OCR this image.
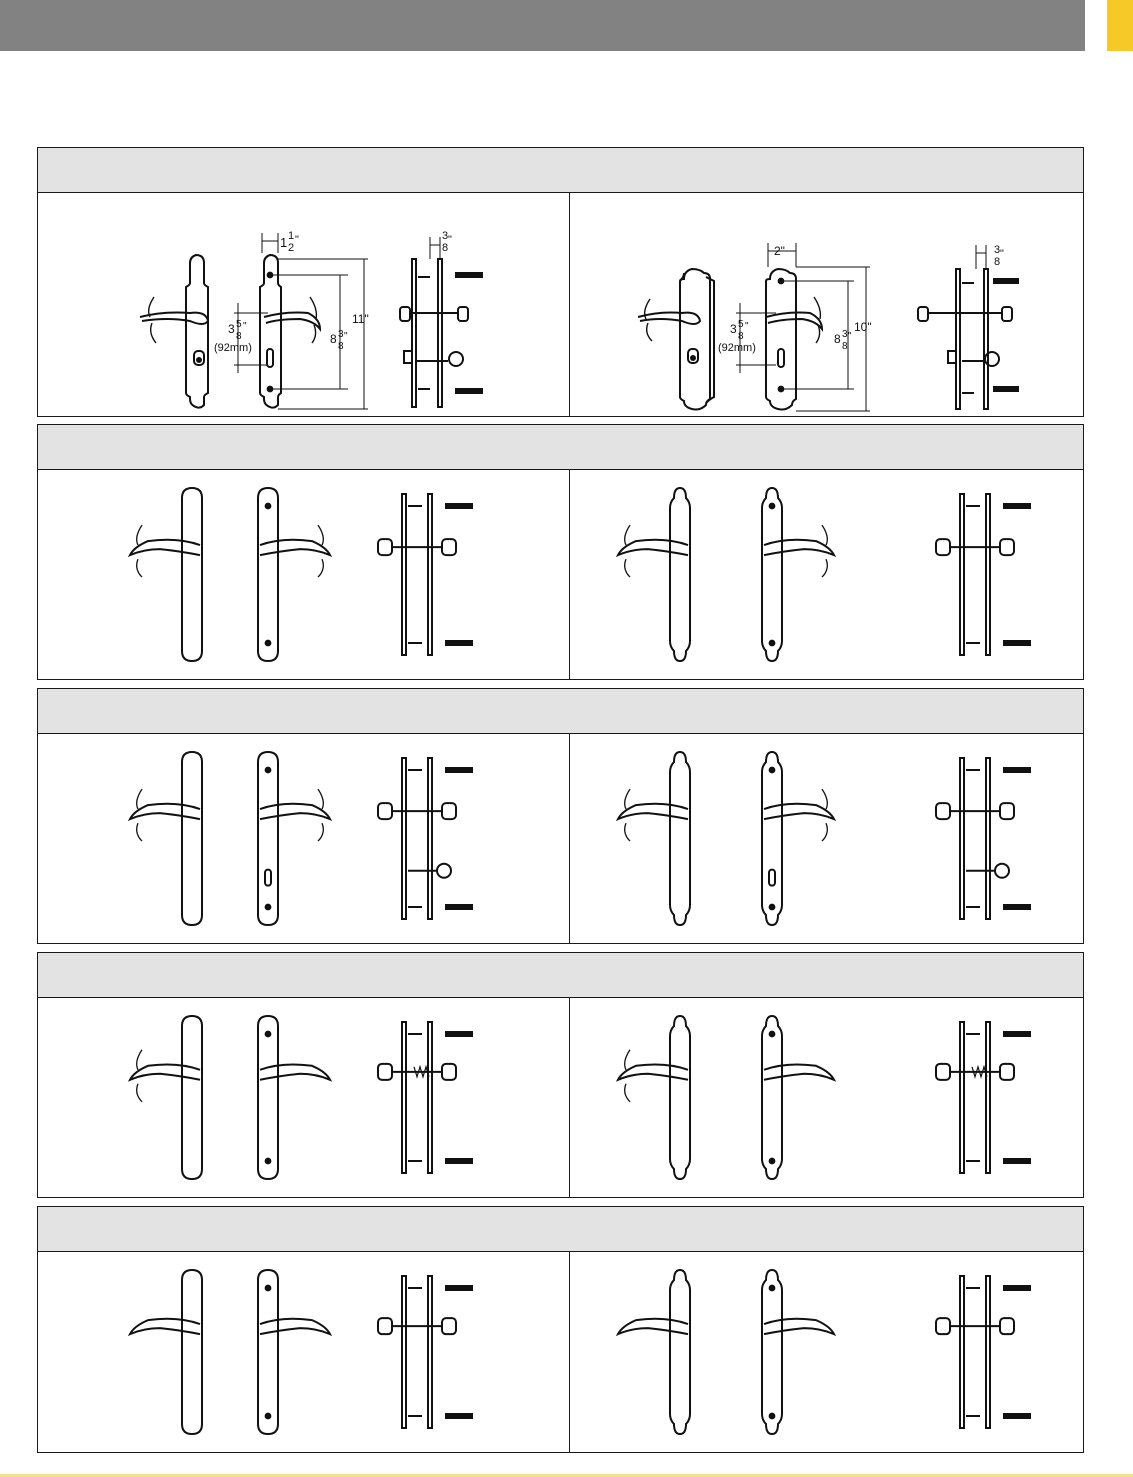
1 1
2
"	3
8
"
11"
3 5
8
"
(92mm)
8 3
8
"
2"	3
8
"
10"
3 5
8
"
(92mm)
8 3
8
"
